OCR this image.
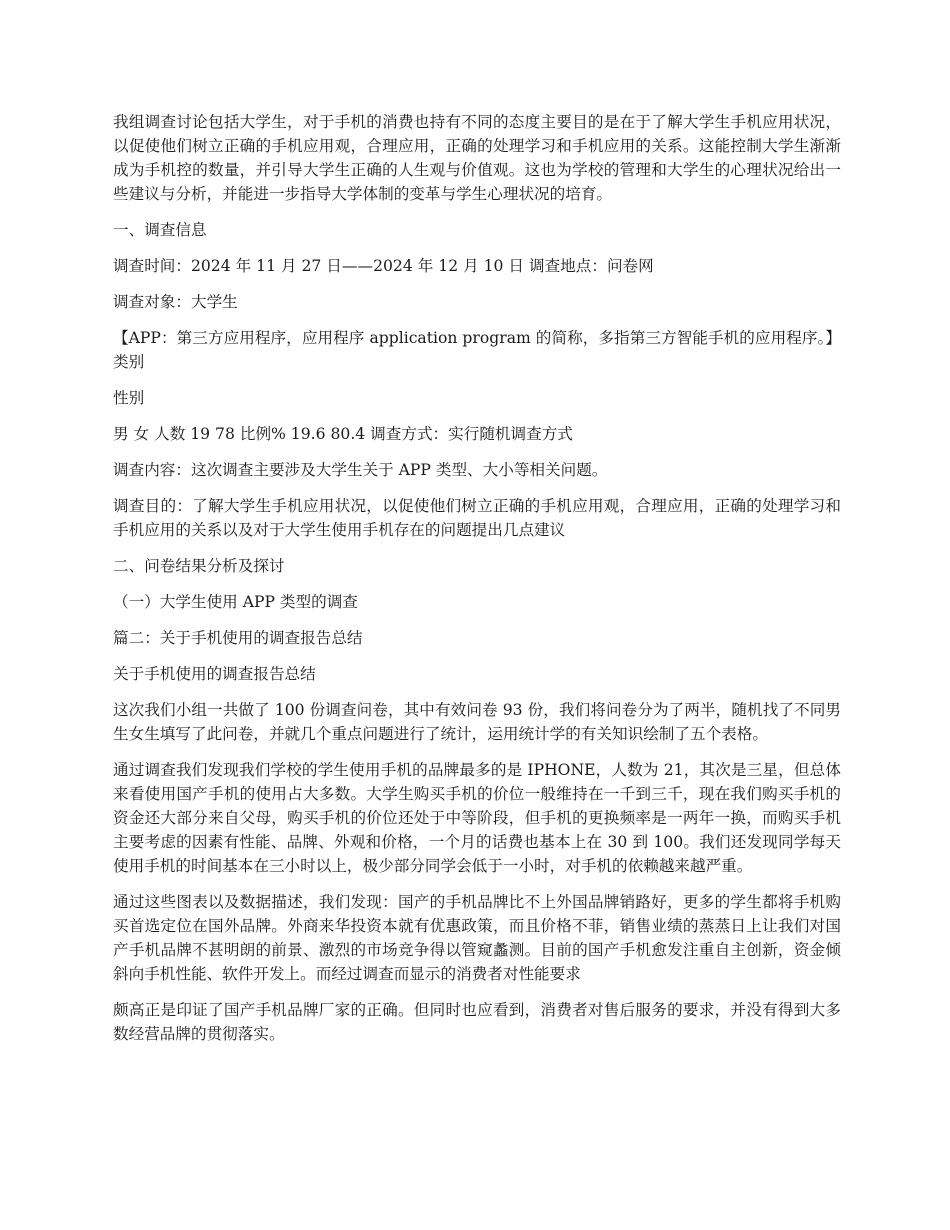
我组调查讨论包括大学生，对于手机的消费也持有不同的态度主要目的是在于了解大学生手机应用状况，以促使他们树立正确的手机应用观，合理应用，正确的处理学习和手机应用的关系。这能控制大学生渐渐成为手机控的数量，并引导大学生正确的人生观与价值观。这也为学校的管理和大学生的心理状况给出一些建议与分析，并能进一步指导大学体制的变革与学生心理状况的培育。

一、调查信息

调查时间：2024 年 11 月 27 日——2024 年 12 月 10 日 调查地点：问卷网

调查对象：大学生

【APP：第三方应用程序，应用程序 application program 的简称，多指第三方智能手机的应用程序。】类别

性别

男 女 人数 19 78 比例% 19.6 80.4 调查方式：实行随机调查方式

调查内容：这次调查主要涉及大学生关于 APP 类型、大小等相关问题。

调查目的：了解大学生手机应用状况，以促使他们树立正确的手机应用观，合理应用，正确的处理学习和手机应用的关系以及对于大学生使用手机存在的问题提出几点建议

二、问卷结果分析及探讨

（一）大学生使用 APP 类型的调查

篇二：关于手机使用的调查报告总结

关于手机使用的调查报告总结

这次我们小组一共做了 100 份调查问卷，其中有效问卷 93 份，我们将问卷分为了两半，随机找了不同男生女生填写了此问卷，并就几个重点问题进行了统计，运用统计学的有关知识绘制了五个表格。

通过调查我们发现我们学校的学生使用手机的品牌最多的是 IPHONE，人数为 21，其次是三星，但总体来看使用国产手机的使用占大多数。大学生购买手机的价位一般维持在一千到三千，现在我们购买手机的资金还大部分来自父母，购买手机的价位还处于中等阶段，但手机的更换频率是一两年一换，而购买手机主要考虑的因素有性能、品牌、外观和价格，一个月的话费也基本上在 30 到 100。我们还发现同学每天使用手机的时间基本在三小时以上，极少部分同学会低于一小时，对手机的依赖越来越严重。

通过这些图表以及数据描述，我们发现：国产的手机品牌比不上外国品牌销路好，更多的学生都将手机购买首选定位在国外品牌。外商来华投资本就有优惠政策，而且价格不菲，销售业绩的蒸蒸日上让我们对国产手机品牌不甚明朗的前景、激烈的市场竞争得以管窥蠡测。目前的国产手机愈发注重自主创新，资金倾斜向手机性能、软件开发上。而经过调查而显示的消费者对性能要求

颇高正是印证了国产手机品牌厂家的正确。但同时也应看到，消费者对售后服务的要求，并没有得到大多数经营品牌的贯彻落实。
